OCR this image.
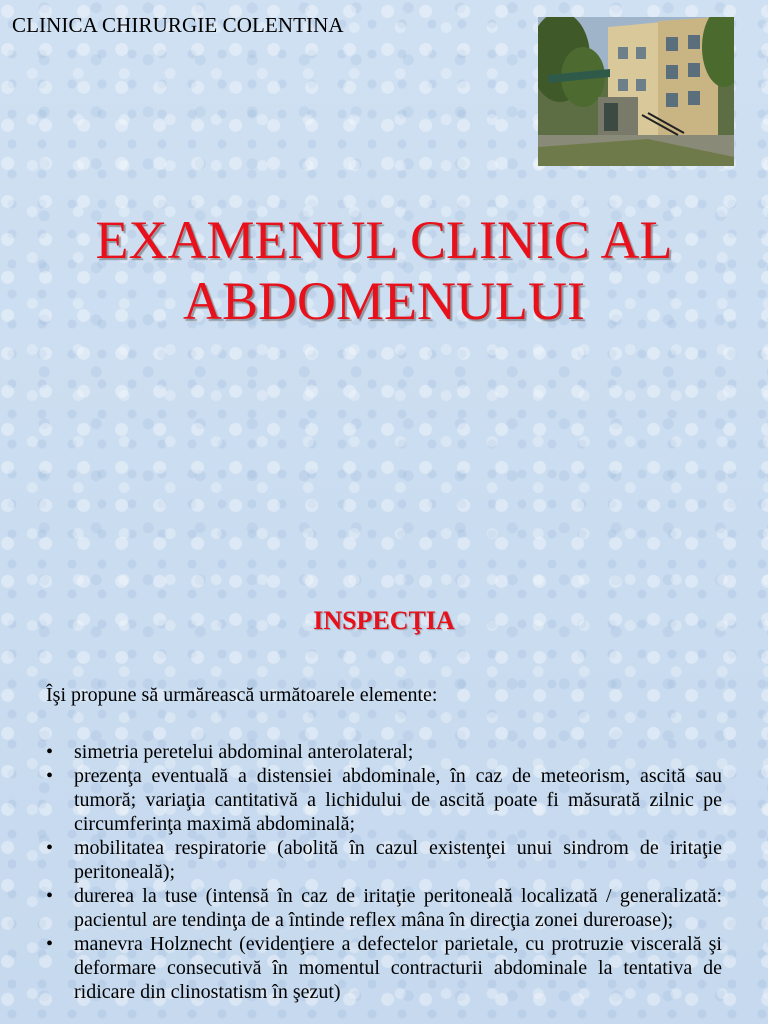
CLINICA CHIRURGIE COLENTINA
EXAMENUL CLINIC AL
ABDOMENULUI
INSPECŢIA
Îşi propune să urmărească următoarele elemente:
• simetria peretelui abdominal anterolateral;
• prezenţa eventuală a distensiei abdominale, în caz de meteorism, ascită sau tumoră; variaţia cantitativă a lichidului de ascită poate fi măsurată zilnic pe circumferinţa maximă abdominală;
• mobilitatea respiratorie (abolită în cazul existenţei unui sindrom de iritaţie peritoneală);
• durerea la tuse (intensă în caz de iritaţie peritoneală localizată / generalizată: pacientul are tendinţa de a întinde reflex mâna în direcţia zonei dureroase);
• manevra Holznecht (evidenţiere a defectelor parietale, cu protruzie viscerală şi deformare consecutivă în momentul contracturii abdominale la tentativa de ridicare din clinostatism în şezut)
